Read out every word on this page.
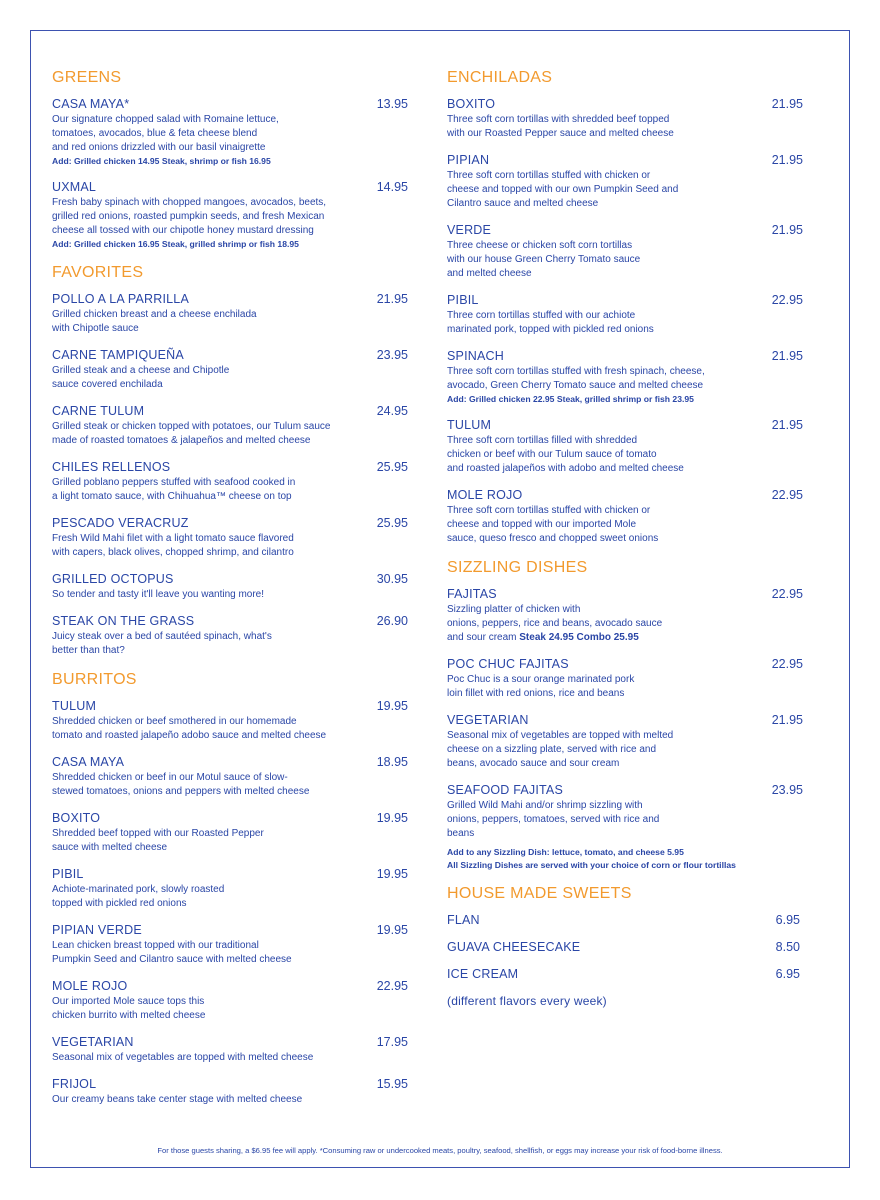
GREENS
CASA MAYA*	13.95
Our signature chopped salad with Romaine lettuce,
tomatoes, avocados, blue & feta cheese blend
and red onions drizzled with our basil vinaigrette
Add: Grilled chicken 14.95 Steak, shrimp or fish 16.95
UXMAL	14.95
Fresh baby spinach with chopped mangoes, avocados, beets,
grilled red onions, roasted pumpkin seeds, and fresh Mexican
cheese all tossed with our chipotle honey mustard dressing
Add: Grilled chicken 16.95 Steak, grilled shrimp or fish 18.95
FAVORITES
POLLO A LA PARRILLA	21.95
Grilled chicken breast and a cheese enchilada
with Chipotle sauce
CARNE TAMPIQUEÑA	23.95
Grilled steak and a cheese and Chipotle
sauce covered enchilada
CARNE TULUM	24.95
Grilled steak or chicken topped with potatoes, our Tulum sauce
made of roasted tomatoes & jalapeños and melted cheese
CHILES RELLENOS	25.95
Grilled poblano peppers stuffed with seafood cooked in
a light tomato sauce, with Chihuahua™ cheese on top
PESCADO VERACRUZ	25.95
Fresh Wild Mahi filet with a light tomato sauce flavored
with capers, black olives, chopped shrimp, and cilantro
GRILLED OCTOPUS	30.95
So tender and tasty it'll leave you wanting more!
STEAK ON THE GRASS	26.90
Juicy steak over a bed of sautéed spinach, what's
better than that?
BURRITOS
TULUM	19.95
Shredded chicken or beef smothered in our homemade
tomato and roasted jalapeño adobo sauce and melted cheese
CASA MAYA	18.95
Shredded chicken or beef in our Motul sauce of slow-
stewed tomatoes, onions and peppers with melted cheese
BOXITO	19.95
Shredded beef topped with our Roasted Pepper
sauce with melted cheese
PIBIL	19.95
Achiote-marinated pork, slowly roasted
topped with pickled red onions
PIPIAN VERDE	19.95
Lean chicken breast topped with our traditional
Pumpkin Seed and Cilantro sauce with melted cheese
MOLE ROJO	22.95
Our imported Mole sauce tops this
chicken burrito with melted cheese
VEGETARIAN	17.95
Seasonal mix of vegetables are topped with melted cheese
FRIJOL	15.95
Our creamy beans take center stage with melted cheese
ENCHILADAS
BOXITO	21.95
Three soft corn tortillas with shredded beef topped
with our Roasted Pepper sauce and melted cheese
PIPIAN	21.95
Three soft corn tortillas stuffed with chicken or
cheese and topped with our own Pumpkin Seed and
Cilantro sauce and melted cheese
VERDE	21.95
Three cheese or chicken soft corn tortillas
with our house Green Cherry Tomato sauce
and melted cheese
PIBIL	22.95
Three corn tortillas stuffed with our achiote
marinated pork, topped with pickled red onions
SPINACH	21.95
Three soft corn tortillas stuffed with fresh spinach, cheese,
avocado, Green Cherry Tomato sauce and melted cheese
Add: Grilled chicken 22.95 Steak, grilled shrimp or fish 23.95
TULUM	21.95
Three soft corn tortillas filled with shredded
chicken or beef with our Tulum sauce of tomato
and roasted jalapeños with adobo and melted cheese
MOLE ROJO	22.95
Three soft corn tortillas stuffed with chicken or
cheese and topped with our imported Mole
sauce, queso fresco and chopped sweet onions
SIZZLING DISHES
FAJITAS	22.95
Sizzling platter of chicken with
onions, peppers, rice and beans, avocado sauce
and sour cream Steak 24.95 Combo 25.95
POC CHUC FAJITAS	22.95
Poc Chuc is a sour orange marinated pork
loin fillet with red onions, rice and beans
VEGETARIAN	21.95
Seasonal mix of vegetables are topped with melted
cheese on a sizzling plate, served with rice and
beans, avocado sauce and sour cream
SEAFOOD FAJITAS	23.95
Grilled Wild Mahi and/or shrimp sizzling with
onions, peppers, tomatoes, served with rice and
beans
Add to any Sizzling Dish: lettuce, tomato, and cheese 5.95
All Sizzling Dishes are served with your choice of corn or flour tortillas
HOUSE MADE SWEETS
FLAN	6.95
GUAVA CHEESECAKE	8.50
ICE CREAM	6.95
(different flavors every week)
For those guests sharing, a $6.95 fee will apply. *Consuming raw or undercooked meats, poultry, seafood, shellfish, or eggs may increase your risk of food-borne illness.
